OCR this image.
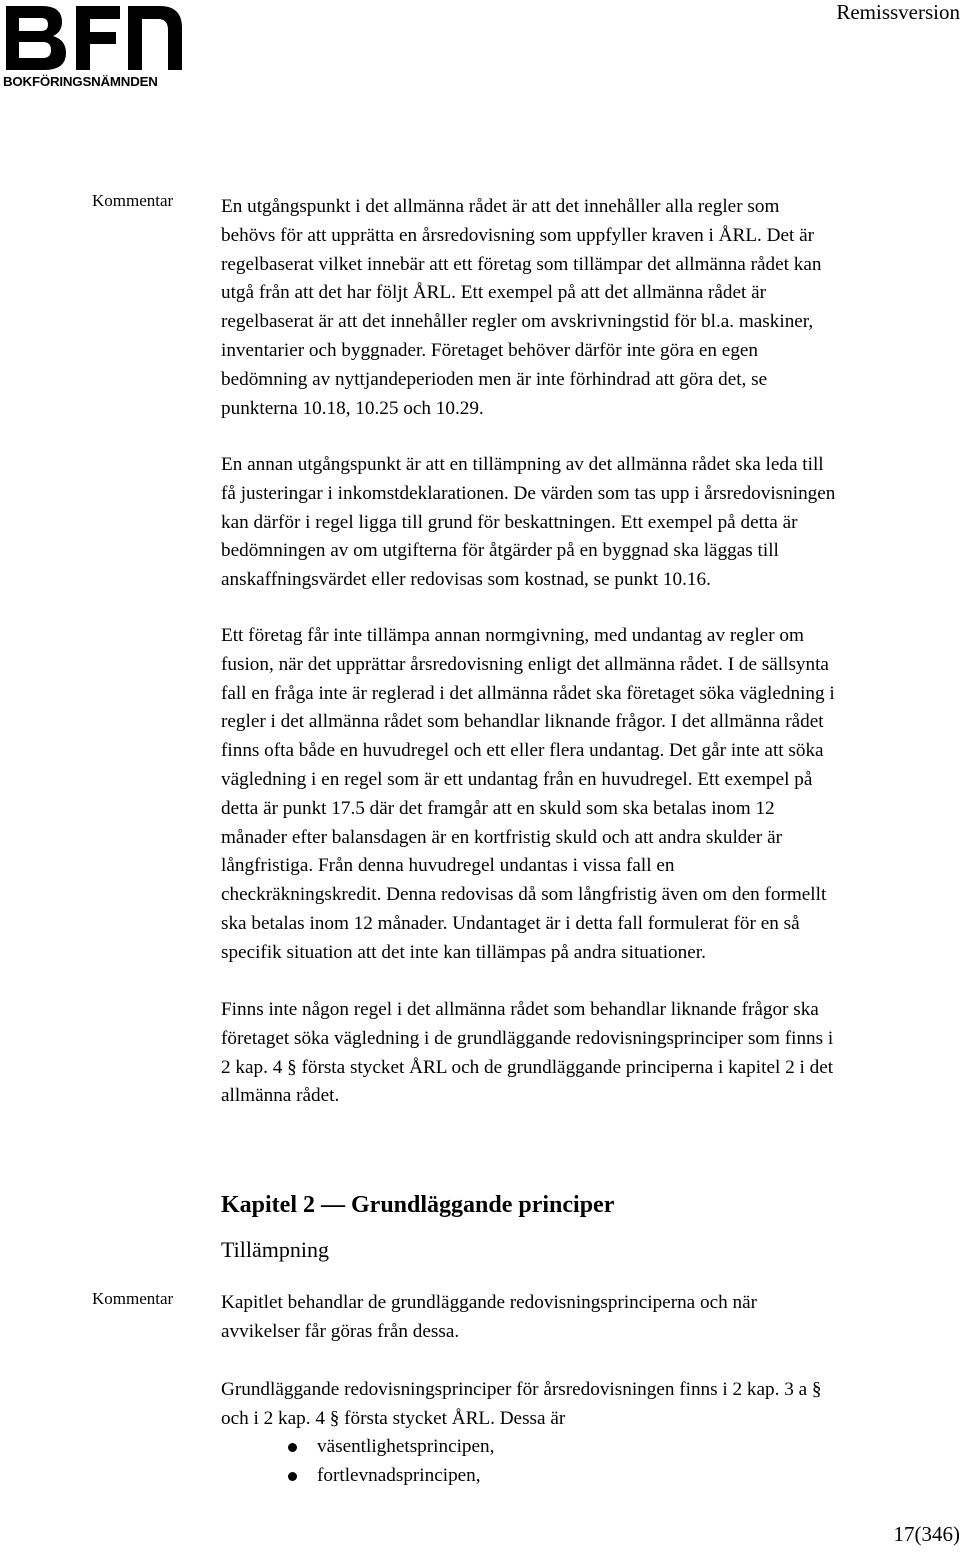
BOKFÖRINGSNÄMNDEN
Remissversion
Kommentar En utgångspunkt i det allmänna rådet är att det innehåller alla regler som
behövs för att upprätta en årsredovisning som uppfyller kraven i ÅRL. Det är
regelbaserat vilket innebär att ett företag som tillämpar det allmänna rådet kan
utgå från att det har följt ÅRL. Ett exempel på att det allmänna rådet är
regelbaserat är att det innehåller regler om avskrivningstid för bl.a. maskiner,
inventarier och byggnader. Företaget behöver därför inte göra en egen
bedömning av nyttjandeperioden men är inte förhindrad att göra det, se
punkterna 10.18, 10.25 och 10.29.
En annan utgångspunkt är att en tillämpning av det allmänna rådet ska leda till
få justeringar i inkomstdeklarationen. De värden som tas upp i årsredovisningen
kan därför i regel ligga till grund för beskattningen. Ett exempel på detta är
bedömningen av om utgifterna för åtgärder på en byggnad ska läggas till
anskaffningsvärdet eller redovisas som kostnad, se punkt 10.16.
Ett företag får inte tillämpa annan normgivning, med undantag av regler om
fusion, när det upprättar årsredovisning enligt det allmänna rådet. I de sällsynta
fall en fråga inte är reglerad i det allmänna rådet ska företaget söka vägledning i
regler i det allmänna rådet som behandlar liknande frågor. I det allmänna rådet
finns ofta både en huvudregel och ett eller flera undantag. Det går inte att söka
vägledning i en regel som är ett undantag från en huvudregel. Ett exempel på
detta är punkt 17.5 där det framgår att en skuld som ska betalas inom 12
månader efter balansdagen är en kortfristig skuld och att andra skulder är
långfristiga. Från denna huvudregel undantas i vissa fall en
checkräkningskredit. Denna redovisas då som långfristig även om den formellt
ska betalas inom 12 månader. Undantaget är i detta fall formulerat för en så
specifik situation att det inte kan tillämpas på andra situationer.
Finns inte någon regel i det allmänna rådet som behandlar liknande frågor ska
företaget söka vägledning i de grundläggande redovisningsprinciper som finns i
2 kap. 4 § första stycket ÅRL och de grundläggande principerna i kapitel 2 i det
allmänna rådet.
Kapitel 2 — Grundläggande principer
Tillämpning
Kommentar Kapitlet behandlar de grundläggande redovisningsprinciperna och när
avvikelser får göras från dessa.
Grundläggande redovisningsprinciper för årsredovisningen finns i 2 kap. 3 a §
och i 2 kap. 4 § första stycket ÅRL. Dessa är
väsentlighetsprincipen,
fortlevnadsprincipen,
17(346)
